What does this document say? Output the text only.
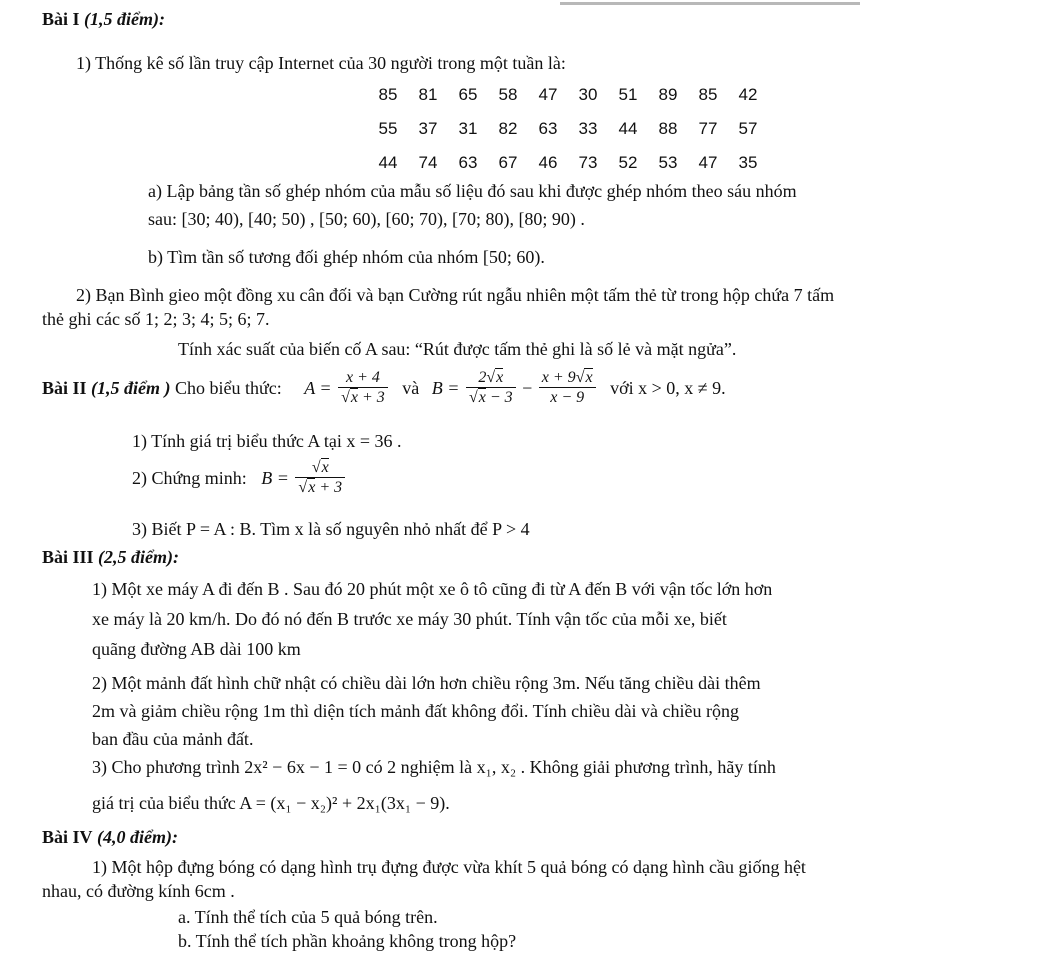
Bài I (1,5 điểm):
1) Thống kê số lần truy cập Internet của 30 người trong một tuần là:
85	81	65	58	47	30	51	89	85	42
55	37	31	82	63	33	44	88	77	57
44	74	63	67	46	73	52	53	47	35
a) Lập bảng tần số ghép nhóm của mẫu số liệu đó sau khi được ghép nhóm theo sáu nhóm
sau: [30; 40), [40; 50) , [50; 60), [60; 70), [70; 80), [80; 90) .
b) Tìm tần số tương đối ghép nhóm của nhóm [50; 60).
2) Bạn Bình gieo một đồng xu cân đối và bạn Cường rút ngẫu nhiên một tấm thẻ từ trong hộp chứa 7 tấm
thẻ ghi các số 1; 2; 3; 4; 5; 6; 7.
Tính xác suất của biến cố A sau: “Rút được tấm thẻ ghi là số lẻ và mặt ngửa”.
Bài II (1,5 điểm ) Cho biểu thức: $A = \frac{x + 4}{√x + 3}$ và $B = \frac{2√x}{√x - 3} - \frac{x + 9√x}{x - 9}$ với x > 0, x ≠ 9.
1) Tính giá trị biểu thức A tại x = 36 .
2) Chứng minh: $B = \frac{√x}{√x + 3}$
3) Biết P = A : B. Tìm x là số nguyên nhỏ nhất để P > 4
Bài III (2,5 điểm):
1) Một xe máy A đi đến B . Sau đó 20 phút một xe ô tô cũng đi từ A đến B với vận tốc lớn hơn
xe máy là 20 km/h. Do đó nó đến B trước xe máy 30 phút. Tính vận tốc của mỗi xe, biết
quãng đường AB dài 100 km
2) Một mảnh đất hình chữ nhật có chiều dài lớn hơn chiều rộng 3m. Nếu tăng chiều dài thêm
2m và giảm chiều rộng 1m thì diện tích mảnh đất không đổi. Tính chiều dài và chiều rộng
ban đầu của mảnh đất.
3) Cho phương trình 2x² − 6x − 1 = 0 có 2 nghiệm là x₁, x₂ . Không giải phương trình, hãy tính
giá trị của biểu thức A = (x₁ − x₂)² + 2x₁(3x₁ − 9).
Bài IV (4,0 điểm):
1) Một hộp đựng bóng có dạng hình trụ đựng được vừa khít 5 quả bóng có dạng hình cầu giống hệt
nhau, có đường kính 6cm .
a. Tính thể tích của 5 quả bóng trên.
b. Tính thể tích phần khoảng không trong hộp?
